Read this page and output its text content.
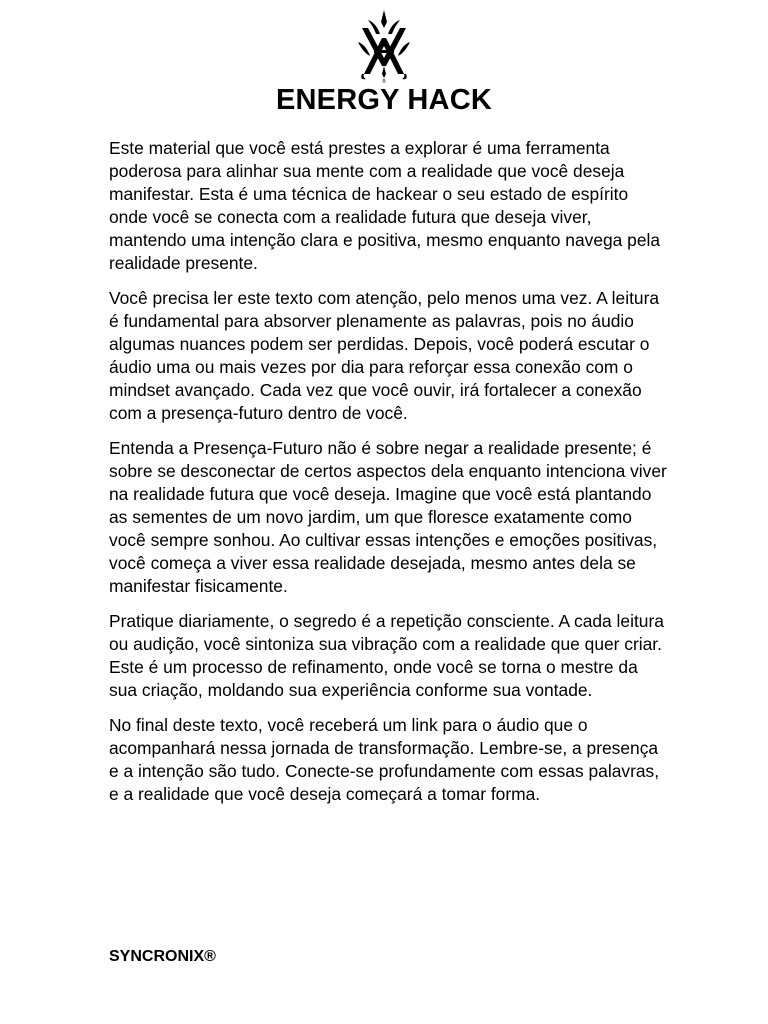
®
ENERGY HACK

Este material que você está prestes a explorar é uma ferramenta poderosa para alinhar sua mente com a realidade que você deseja manifestar. Esta é uma técnica de hackear o seu estado de espírito onde você se conecta com a realidade futura que deseja viver, mantendo uma intenção clara e positiva, mesmo enquanto navega pela realidade presente.

Você precisa ler este texto com atenção, pelo menos uma vez. A leitura é fundamental para absorver plenamente as palavras, pois no áudio algumas nuances podem ser perdidas. Depois, você poderá escutar o áudio uma ou mais vezes por dia para reforçar essa conexão com o mindset avançado. Cada vez que você ouvir, irá fortalecer a conexão com a presença-futuro dentro de você.

Entenda a Presença-Futuro não é sobre negar a realidade presente; é sobre se desconectar de certos aspectos dela enquanto intenciona viver na realidade futura que você deseja. Imagine que você está plantando as sementes de um novo jardim, um que floresce exatamente como você sempre sonhou. Ao cultivar essas intenções e emoções positivas, você começa a viver essa realidade desejada, mesmo antes dela se manifestar fisicamente.

Pratique diariamente, o segredo é a repetição consciente. A cada leitura ou audição, você sintoniza sua vibração com a realidade que quer criar. Este é um processo de refinamento, onde você se torna o mestre da sua criação, moldando sua experiência conforme sua vontade.

No final deste texto, você receberá um link para o áudio que o acompanhará nessa jornada de transformação. Lembre-se, a presença e a intenção são tudo. Conecte-se profundamente com essas palavras, e a realidade que você deseja começará a tomar forma.

SYNCRONIX®
